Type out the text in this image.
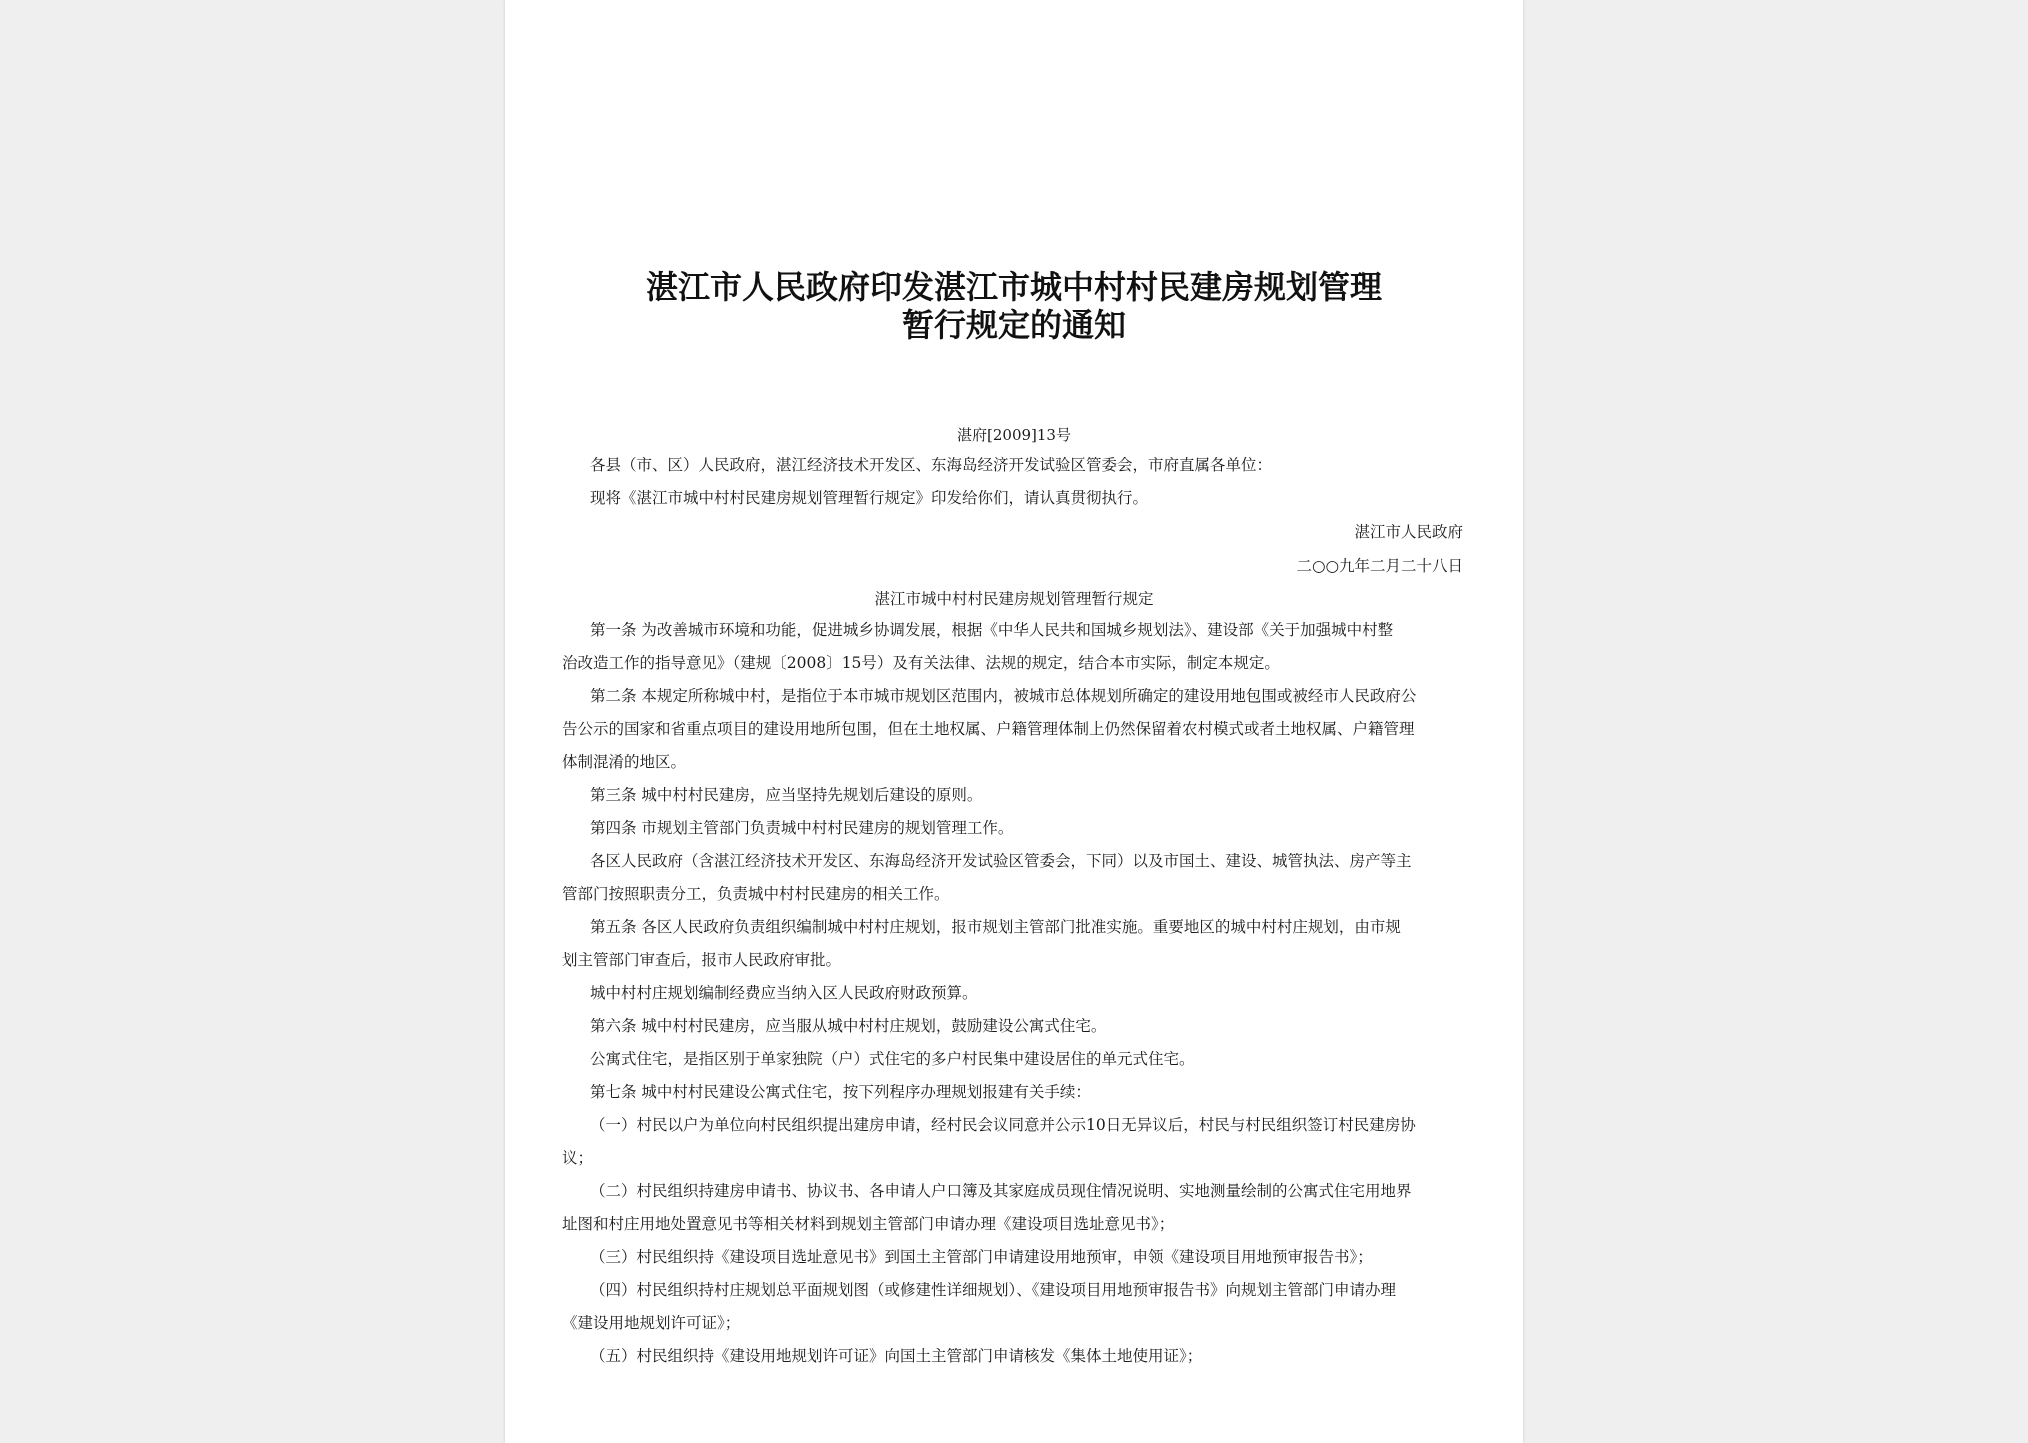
湛江市人民政府印发湛江市城中村村民建房规划管理
暂行规定的通知
湛府[2009]13号
各县（市、区）人民政府，湛江经济技术开发区、东海岛经济开发试验区管委会，市府直属各单位：
现将《湛江市城中村村民建房规划管理暂行规定》印发给你们，请认真贯彻执行。
湛江市人民政府
二○○九年二月二十八日
湛江市城中村村民建房规划管理暂行规定
第一条 为改善城市环境和功能，促进城乡协调发展，根据《中华人民共和国城乡规划法》、建设部《关于加强城中村整
治改造工作的指导意见》（建规〔2008〕15号）及有关法律、法规的规定，结合本市实际，制定本规定。
第二条 本规定所称城中村，是指位于本市城市规划区范围内，被城市总体规划所确定的建设用地包围或被经市人民政府公
告公示的国家和省重点项目的建设用地所包围，但在土地权属、户籍管理体制上仍然保留着农村模式或者土地权属、户籍管理
体制混淆的地区。
第三条 城中村村民建房，应当坚持先规划后建设的原则。
第四条 市规划主管部门负责城中村村民建房的规划管理工作。
各区人民政府（含湛江经济技术开发区、东海岛经济开发试验区管委会，下同）以及市国土、建设、城管执法、房产等主
管部门按照职责分工，负责城中村村民建房的相关工作。
第五条 各区人民政府负责组织编制城中村村庄规划，报市规划主管部门批准实施。重要地区的城中村村庄规划，由市规
划主管部门审查后，报市人民政府审批。
城中村村庄规划编制经费应当纳入区人民政府财政预算。
第六条 城中村村民建房，应当服从城中村村庄规划，鼓励建设公寓式住宅。
公寓式住宅，是指区别于单家独院（户）式住宅的多户村民集中建设居住的单元式住宅。
第七条 城中村村民建设公寓式住宅，按下列程序办理规划报建有关手续：
（一）村民以户为单位向村民组织提出建房申请，经村民会议同意并公示10日无异议后，村民与村民组织签订村民建房协
议；
（二）村民组织持建房申请书、协议书、各申请人户口簿及其家庭成员现住情况说明、实地测量绘制的公寓式住宅用地界
址图和村庄用地处置意见书等相关材料到规划主管部门申请办理《建设项目选址意见书》；
（三）村民组织持《建设项目选址意见书》到国土主管部门申请建设用地预审，申领《建设项目用地预审报告书》；
（四）村民组织持村庄规划总平面规划图（或修建性详细规划）、《建设项目用地预审报告书》向规划主管部门申请办理
《建设用地规划许可证》；
（五）村民组织持《建设用地规划许可证》向国土主管部门申请核发《集体土地使用证》；
